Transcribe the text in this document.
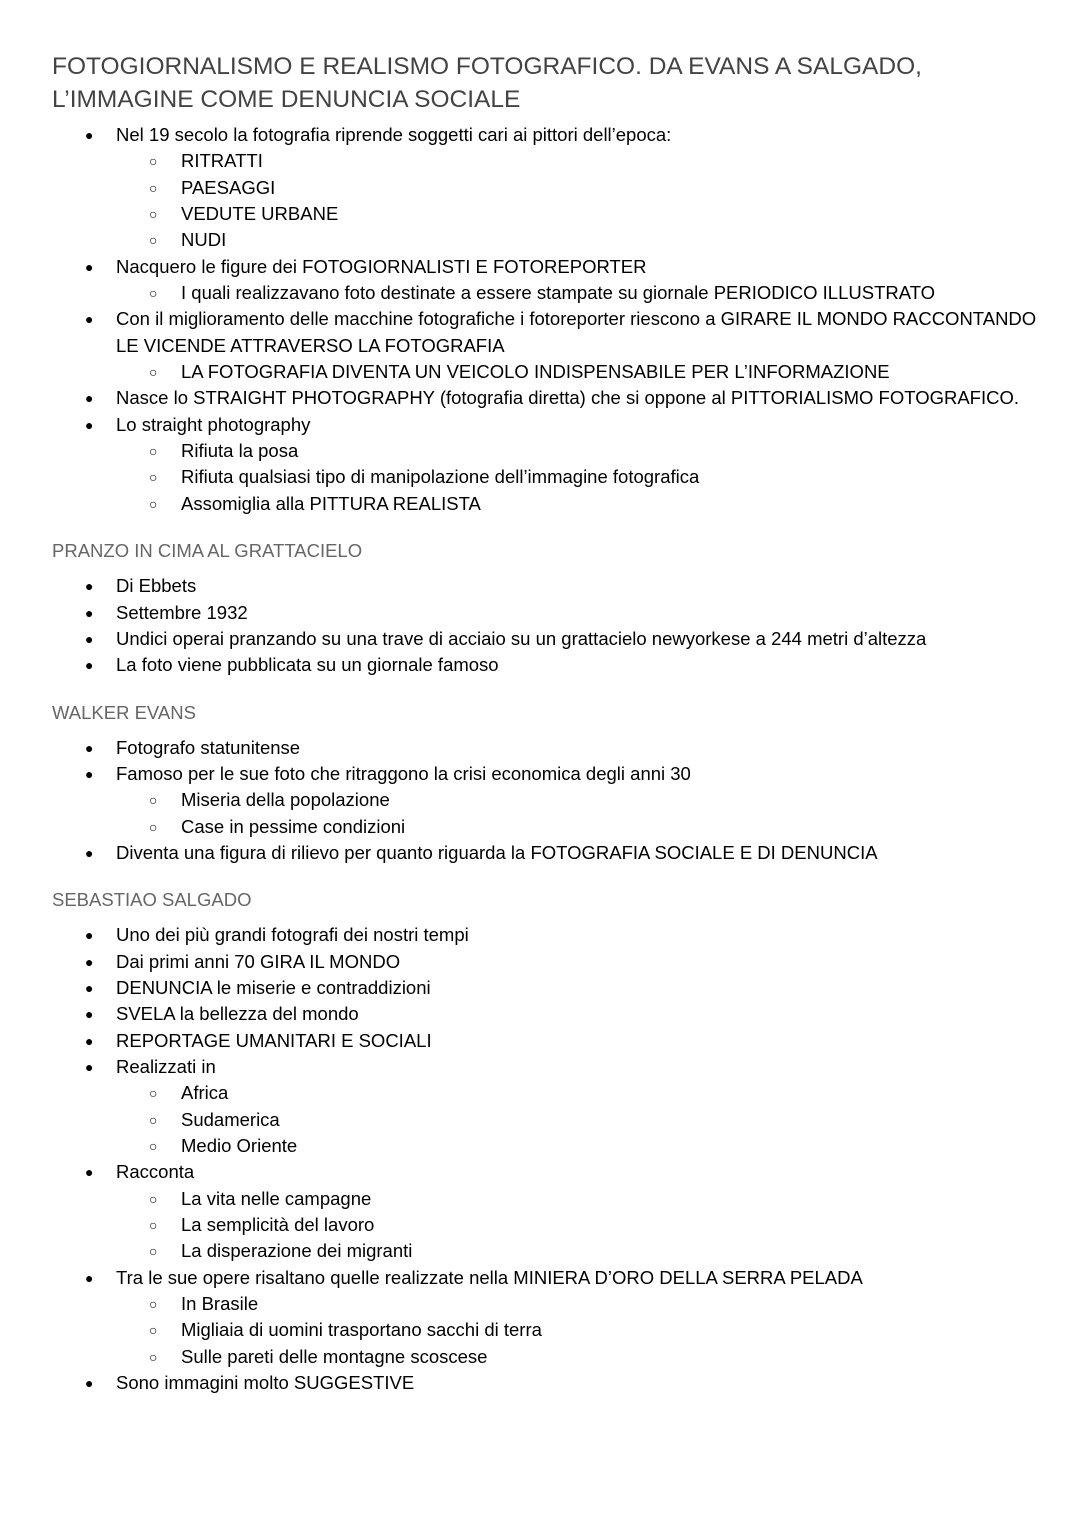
FOTOGIORNALISMO E REALISMO FOTOGRAFICO. DA EVANS A SALGADO,
L’IMMAGINE COME DENUNCIA SOCIALE
● Nel 19 secolo la fotografia riprende soggetti cari ai pittori dell’epoca:
○ RITRATTI
○ PAESAGGI
○ VEDUTE URBANE
○ NUDI
● Nacquero le figure dei FOTOGIORNALISTI E FOTOREPORTER
○ I quali realizzavano foto destinate a essere stampate su giornale PERIODICO ILLUSTRATO
● Con il miglioramento delle macchine fotografiche i fotoreporter riescono a GIRARE IL MONDO RACCONTANDO LE VICENDE ATTRAVERSO LA FOTOGRAFIA
○ LA FOTOGRAFIA DIVENTA UN VEICOLO INDISPENSABILE PER L’INFORMAZIONE
● Nasce lo STRAIGHT PHOTOGRAPHY (fotografia diretta) che si oppone al PITTORIALISMO FOTOGRAFICO.
● Lo straight photography
○ Rifiuta la posa
○ Rifiuta qualsiasi tipo di manipolazione dell’immagine fotografica
○ Assomiglia alla PITTURA REALISTA
PRANZO IN CIMA AL GRATTACIELO
● Di Ebbets
● Settembre 1932
● Undici operai pranzando su una trave di acciaio su un grattacielo newyorkese a 244 metri d’altezza
● La foto viene pubblicata su un giornale famoso
WALKER EVANS
● Fotografo statunitense
● Famoso per le sue foto che ritraggono la crisi economica degli anni 30
○ Miseria della popolazione
○ Case in pessime condizioni
● Diventa una figura di rilievo per quanto riguarda la FOTOGRAFIA SOCIALE E DI DENUNCIA
SEBASTIAO SALGADO
● Uno dei più grandi fotografi dei nostri tempi
● Dai primi anni 70 GIRA IL MONDO
● DENUNCIA le miserie e contraddizioni
● SVELA la bellezza del mondo
● REPORTAGE UMANITARI E SOCIALI
● Realizzati in
○ Africa
○ Sudamerica
○ Medio Oriente
● Racconta
○ La vita nelle campagne
○ La semplicità del lavoro
○ La disperazione dei migranti
● Tra le sue opere risaltano quelle realizzate nella MINIERA D’ORO DELLA SERRA PELADA
○ In Brasile
○ Migliaia di uomini trasportano sacchi di terra
○ Sulle pareti delle montagne scoscese
● Sono immagini molto SUGGESTIVE
